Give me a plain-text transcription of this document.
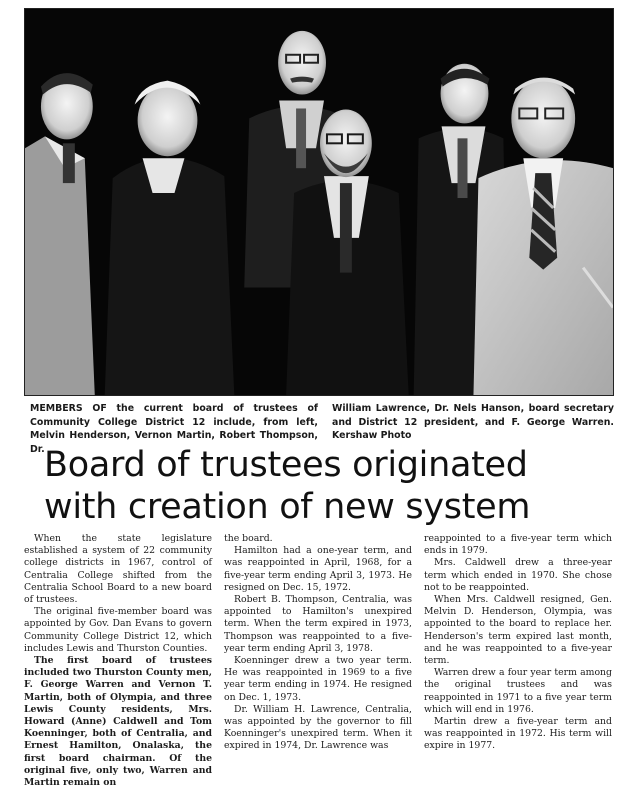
MEMBERS OF the current board of trustees of Community College District 12 include, from left, Melvin Henderson, Vernon Martin, Robert Thompson, Dr.

William Lawrence, Dr. Nels Hanson, board secretary and District 12 president, and F. George Warren. Kershaw Photo

Board of trustees originated
with creation of new system

When the state legislature established a system of 22 community college districts in 1967, control of Centralia College shifted from the Centralia School Board to a new board of trustees.

The original five-member board was appointed by Gov. Dan Evans to govern Community College District 12, which includes Lewis and Thurston Counties.

The first board of trustees included two Thurston County men, F. George Warren and Vernon T. Martin, both of Olympia, and three Lewis County residents, Mrs. Howard (Anne) Caldwell and Tom Koenninger, both of Centralia, and Ernest Hamilton, Onalaska, the first board chairman. Of the original five, only two, Warren and Martin remain on

the board.

Hamilton had a one-year term, and was reappointed in April, 1968, for a five-year term ending April 3, 1973. He resigned on Dec. 15, 1972.

Robert B. Thompson, Centralia, was appointed to Hamilton's unexpired term. When the term expired in 1973, Thompson was reappointed to a five-year term ending April 3, 1978.

Koenninger drew a two year term. He was reappointed in 1969 to a five year term ending in 1974. He resigned on Dec. 1, 1973.

Dr. William H. Lawrence, Centralia, was appointed by the governor to fill Koenninger's unexpired term. When it expired in 1974, Dr. Lawrence was

reappointed to a five-year term which ends in 1979.

Mrs. Caldwell drew a three-year term which ended in 1970. She chose not to be reappointed.

When Mrs. Caldwell resigned, Gen. Melvin D. Henderson, Olympia, was appointed to the board to replace her. Henderson's term expired last month, and he was reappointed to a five-year term.

Warren drew a four year term among the original trustees and was reappointed in 1971 to a five year term which will end in 1976.

Martin drew a five-year term and was reappointed in 1972. His term will expire in 1977.
